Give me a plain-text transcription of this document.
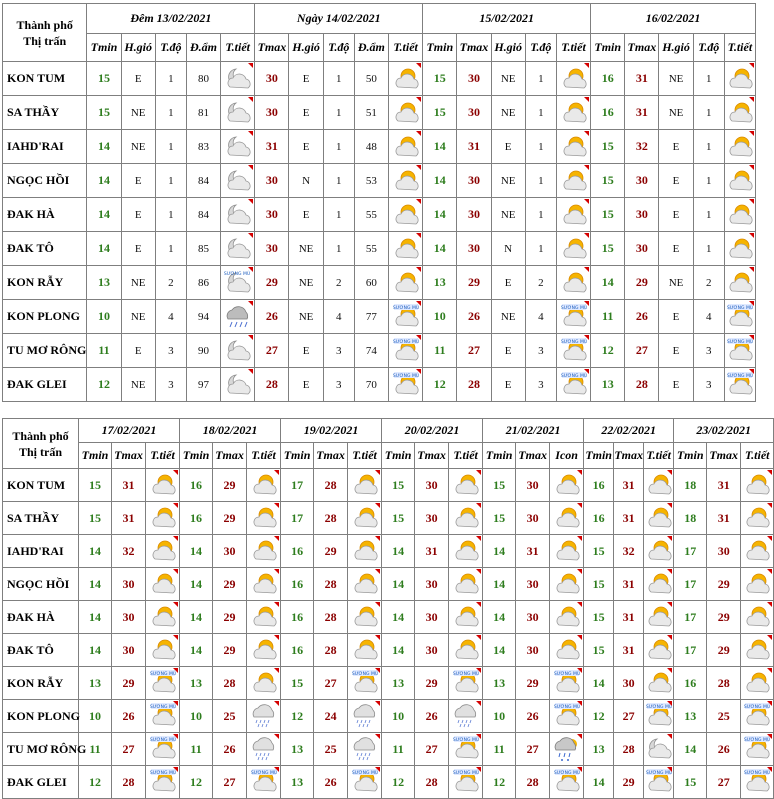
Thành phố
Thị trấn	Đêm 13/02/2021					Ngày 14/02/2021					15/02/2021					16/02/2021				
	Tmin	H.gió	T.độ	Đ.ẩm	T.tiết	Tmax	H.gió	T.độ	Đ.ẩm	T.tiết	Tmin	Tmax	H.gió	T.độ	T.tiết	Tmin	Tmax	H.gió	T.độ	T.tiết
KON TUM	15	E	1	80		30	E	1	50		15	30	NE	1		16	31	NE	1	

SA THẦY	15	NE	1	81		30	E	1	51		15	30	NE	1		16	31	NE	1	

IAHD'RAI	14	NE	1	83		31	E	1	48		14	31	E	1		15	32	E	1	

NGỌC HỒI	14	E	1	84		30	N	1	53		14	30	NE	1		15	30	E	1	

ĐAK HÀ	14	E	1	84		30	E	1	55		14	30	NE	1		15	30	E	1	

ĐAK TÔ	14	E	1	85		30	NE	1	55		14	30	N	1		15	30	E	1	

KON RẪY	13	NE	2	86	SƯƠNG MÙ	29	NE	2	60		13	29	E	2		14	29	NE	2	

KON PLONG	10	NE	4	94		26	NE	4	77	SƯƠNG MÙ	10	26	NE	4	SƯƠNG MÙ	11	26	E	4	SƯƠNG MÙ

TU MƠ RÔNG	11	E	3	90		27	E	3	74	SƯƠNG MÙ	11	27	E	3	SƯƠNG MÙ	12	27	E	3	SƯƠNG MÙ

ĐAK GLEI	12	NE	3	97		28	E	3	70	SƯƠNG MÙ	12	28	E	3	SƯƠNG MÙ	13	28	E	3	SƯƠNG MÙ
Thành phố
Thị trấn	17/02/2021			18/02/2021			19/02/2021			20/02/2021			21/02/2021			22/02/2021			23/02/2021		
	Tmin	Tmax	T.tiết	Tmin	Tmax	T.tiết	Tmin	Tmax	T.tiết	Tmin	Tmax	T.tiết	Tmin	Tmax	Icon	Tmin	Tmax	T.tiết	Tmin	Tmax	T.tiết
KON TUM	15	31		16	29		17	28		15	30		15	30		16	31		18	31	

SA THẦY	15	31		16	29		17	28		15	30		15	30		16	31		18	31	

IAHD'RAI	14	32		14	30		16	29		14	31		14	31		15	32		17	30	

NGỌC HỒI	14	30		14	29		16	28		14	30		14	30		15	31		17	29	

ĐAK HÀ	14	30		14	29		16	28		14	30		14	30		15	31		17	29	

ĐAK TÔ	14	30		14	29		16	28		14	30		14	30		15	31		17	29	

KON RẪY	13	29	SƯƠNG MÙ	13	28		15	27	SƯƠNG MÙ	13	29	SƯƠNG MÙ	13	29	SƯƠNG MÙ	14	30		16	28	

KON PLONG	10	26	SƯƠNG MÙ	10	25		12	24		10	26		10	26	SƯƠNG MÙ	12	27	SƯƠNG MÙ	13	25	SƯƠNG MÙ

TU MƠ RÔNG	11	27	SƯƠNG MÙ	11	26		13	25		11	27	SƯƠNG MÙ	11	27		13	28		14	26	SƯƠNG MÙ

ĐAK GLEI	12	28	SƯƠNG MÙ	12	27	SƯƠNG MÙ	13	26	SƯƠNG MÙ	12	28	SƯƠNG MÙ	12	28	SƯƠNG MÙ	14	29	SƯƠNG MÙ	15	27	SƯƠNG MÙ
